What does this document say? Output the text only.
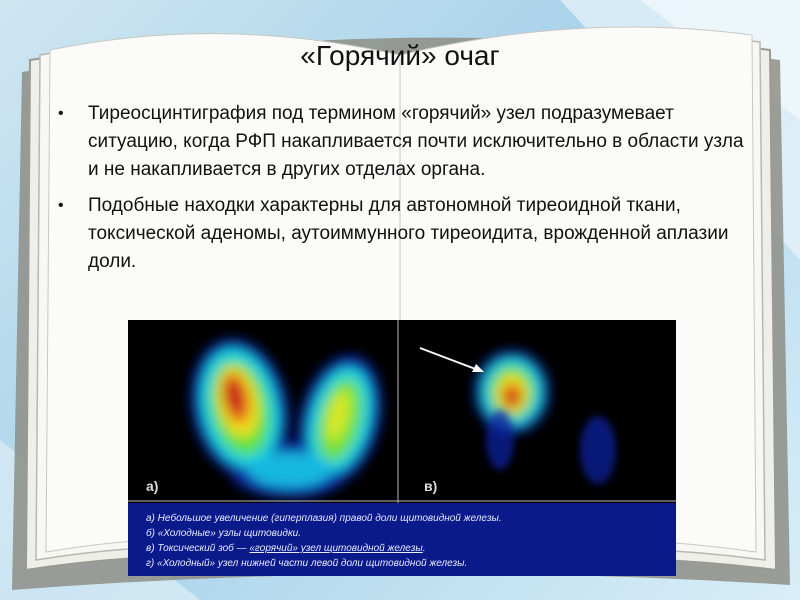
«Горячий» очаг
• Тиреосцинтиграфия под термином «горячий» узел подразумевает ситуацию, когда РФП накапливается почти исключительно в области узла и не накапливается в других отделах органа.
• Подобные находки характерны для автономной тиреоидной ткани, токсической аденомы, аутоиммунного тиреоидита, врожденной аплазии доли.
а)	в)
а) Небольшое увеличение (гиперплазия) правой доли щитовидной железы.
б) «Холодные» узлы щитовидки.
в) Токсический зоб — «горячий» узел щитовидной железы.
г) «Холодный» узел нижней части левой доли щитовидной железы.
